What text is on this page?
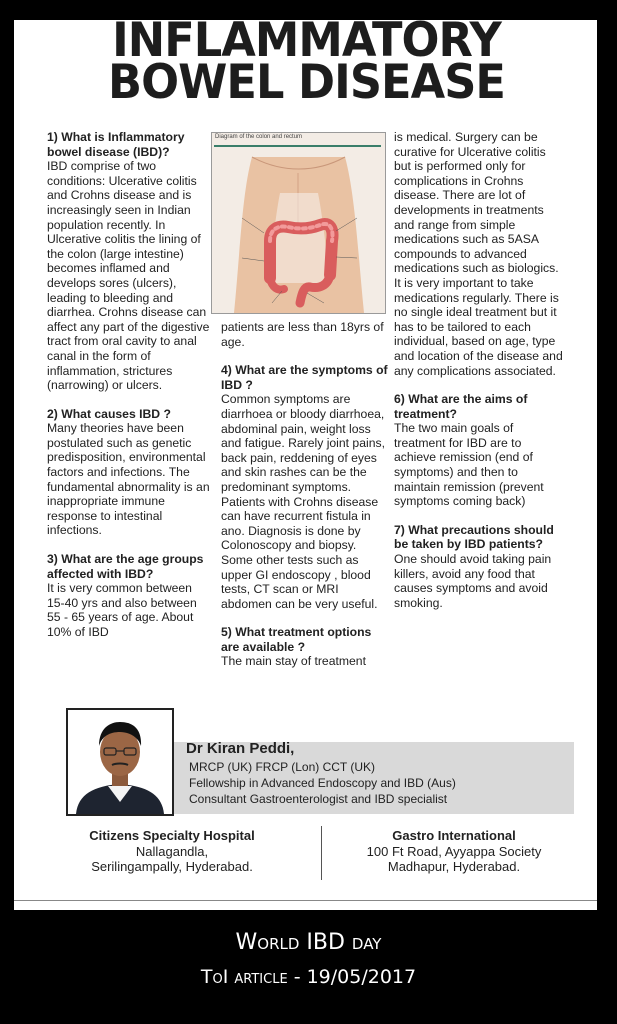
INFLAMMATORY
BOWEL DISEASE
1) What is Inflammatory bowel disease (IBD)?
IBD comprise of two conditions: Ulcerative colitis and Crohns disease and is increasingly seen in Indian population recently. In Ulcerative colitis the lining of the colon (large intestine) becomes inflamed and develops sores (ulcers), leading to bleeding and diarrhea. Crohns disease can affect any part of the digestive tract from oral cavity to anal canal in the form of inflammation, strictures (narrowing) or ulcers.
2) What causes IBD ?
Many theories have been postulated such as genetic predisposition, environmental factors and infections. The fundamental abnormality is an inappropriate immune response to intestinal infections.
3) What are the age groups affected with IBD?
It is very common between 15-40 yrs and also between 55 - 65 years of age. About 10% of IBD
Diagram of the colon and rectum
patients are less than 18yrs of age.
4) What are the symptoms of IBD ?
Common symptoms are diarrhoea or bloody diarrhoea, abdominal pain, weight loss and fatigue. Rarely joint pains, back pain, reddening of eyes and skin rashes can be the predominant symptoms. Patients with Crohns disease can have recurrent fistula in ano. Diagnosis is done by Colonoscopy and biopsy. Some other tests such as upper GI endoscopy , blood tests, CT scan or MRI abdomen can be very useful.
5) What treatment options are available ?
The main stay of treatment
is medical. Surgery can be curative for Ulcerative colitis but is performed only for complications in Crohns disease. There are lot of developments in treatments and range from simple medications such as 5ASA compounds to advanced medications such as biologics. It is very important to take medications regularly. There is no single ideal treatment but it has to be tailored to each individual, based on age, type and location of the disease and any complications associated.
6) What are the aims of treatment?
The two main goals of treatment for IBD are to achieve remission (end of symptoms) and then to maintain remission (prevent symptoms coming back)
7) What precautions should be taken by IBD patients?
One should avoid taking pain killers, avoid any food that causes symptoms and avoid smoking.
Dr Kiran Peddi,
MRCP (UK) FRCP (Lon) CCT (UK)
Fellowship in Advanced Endoscopy and IBD (Aus)
Consultant Gastroenterologist and IBD specialist
Citizens Specialty Hospital
Nallagandla,
Serilingampally, Hyderabad.
Gastro International
100 Ft Road, Ayyappa Society
Madhapur, Hyderabad.
World IBD day
ToI article - 19/05/2017
